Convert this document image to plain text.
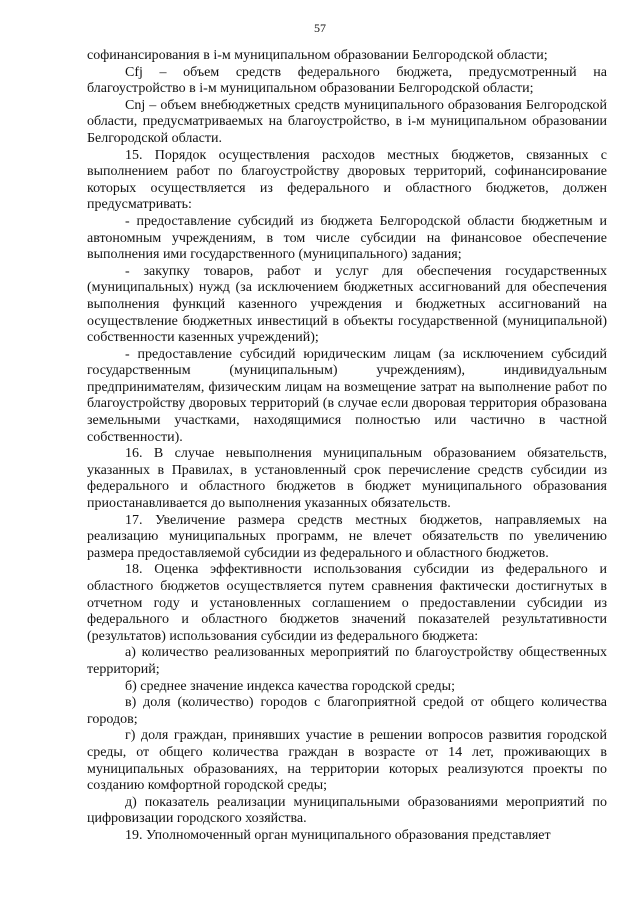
57

софинансирования в i-м муниципальном образовании Белгородской области;

Cfj – объем средств федерального бюджета, предусмотренный на благоустройство в i-м муниципальном образовании Белгородской области;

Cnj – объем внебюджетных средств муниципального образования Белгородской области, предусматриваемых на благоустройство, в i-м муниципальном образовании Белгородской области.

15. Порядок осуществления расходов местных бюджетов, связанных с выполнением работ по благоустройству дворовых территорий, софинансирование которых осуществляется из федерального и областного бюджетов, должен предусматривать:

- предоставление субсидий из бюджета Белгородской области бюджетным и автономным учреждениям, в том числе субсидии на финансовое обеспечение выполнения ими государственного (муниципального) задания;

- закупку товаров, работ и услуг для обеспечения государственных (муниципальных) нужд (за исключением бюджетных ассигнований для обеспечения выполнения функций казенного учреждения и бюджетных ассигнований на осуществление бюджетных инвестиций в объекты государственной (муниципальной) собственности казенных учреждений);

- предоставление субсидий юридическим лицам (за исключением субсидий государственным (муниципальным) учреждениям), индивидуальным предпринимателям, физическим лицам на возмещение затрат на выполнение работ по благоустройству дворовых территорий (в случае если дворовая территория образована земельными участками, находящимися полностью или частично в частной собственности).

16. В случае невыполнения муниципальным образованием обязательств, указанных в Правилах, в установленный срок перечисление средств субсидии из федерального и областного бюджетов в бюджет муниципального образования приостанавливается до выполнения указанных обязательств.

17. Увеличение размера средств местных бюджетов, направляемых на реализацию муниципальных программ, не влечет обязательств по увеличению размера предоставляемой субсидии из федерального и областного бюджетов.

18. Оценка эффективности использования субсидии из федерального и областного бюджетов осуществляется путем сравнения фактически достигнутых в отчетном году и установленных соглашением о предоставлении субсидии из федерального и областного бюджетов значений показателей результативности (результатов) использования субсидии из федерального бюджета:

а) количество реализованных мероприятий по благоустройству общественных территорий;

б) среднее значение индекса качества городской среды;

в) доля (количество) городов с благоприятной средой от общего количества городов;

г) доля граждан, принявших участие в решении вопросов развития городской среды, от общего количества граждан в возрасте от 14 лет, проживающих в муниципальных образованиях, на территории которых реализуются проекты по созданию комфортной городской среды;

д) показатель реализации муниципальными образованиями мероприятий по цифровизации городского хозяйства.

19. Уполномоченный орган муниципального образования представляет
